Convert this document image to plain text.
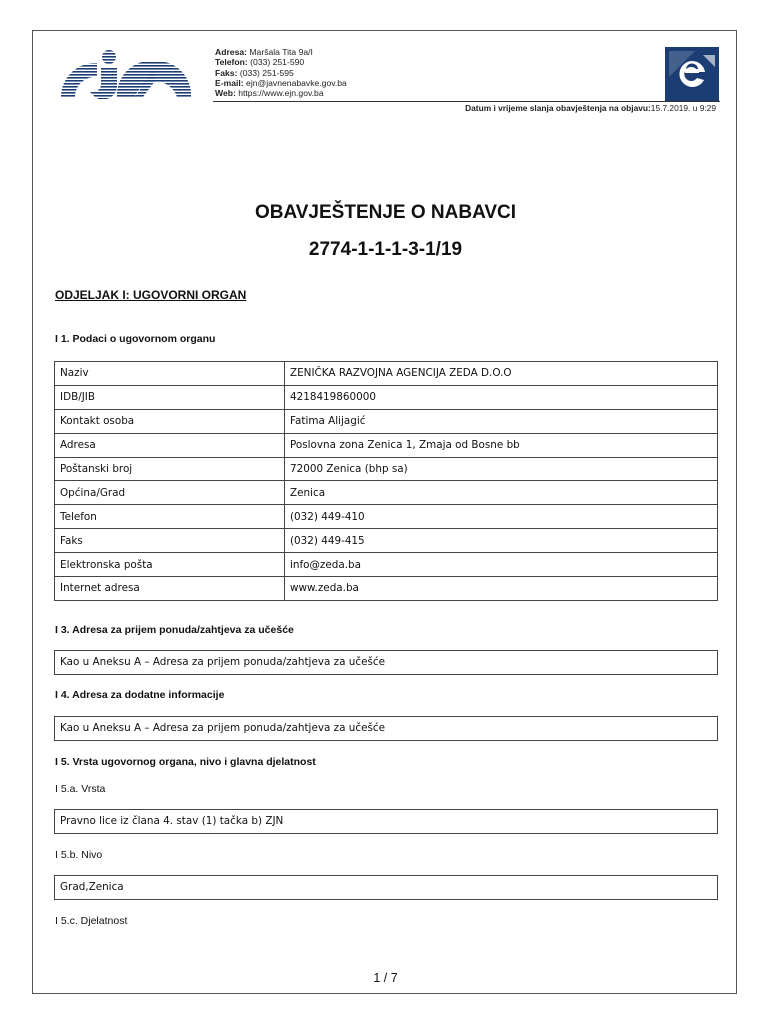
Adresa: Maršala Tita 9a/I
Telefon: (033) 251-590
Faks: (033) 251-595
E-mail: ejn@javnenabavke.gov.ba
Web: https://www.ejn.gov.ba
Datum i vrijeme slanja obavještenja na objavu:15.7.2019. u 9:29
OBAVJEŠTENJE O NABAVCI
2774-1-1-1-3-1/19
ODJELJAK I: UGOVORNI ORGAN
I 1. Podaci o ugovornom organu
Naziv	ZENIČKA RAZVOJNA AGENCIJA ZEDA D.O.O
IDB/JIB	4218419860000
Kontakt osoba	Fatima Alijagić
Adresa	Poslovna zona Zenica 1, Zmaja od Bosne bb
Poštanski broj	72000 Zenica (bhp sa)
Općina/Grad	Zenica
Telefon	(032) 449-410
Faks	(032) 449-415
Elektronska pošta	info@zeda.ba
Internet adresa	www.zeda.ba
I 3. Adresa za prijem ponuda/zahtjeva za učešće
Kao u Aneksu A – Adresa za prijem ponuda/zahtjeva za učešće
I 4. Adresa za dodatne informacije
Kao u Aneksu A – Adresa za prijem ponuda/zahtjeva za učešće
I 5. Vrsta ugovornog organa, nivo i glavna djelatnost
I 5.a. Vrsta
Pravno lice iz člana 4. stav (1) tačka b) ZJN
I 5.b. Nivo
Grad,Zenica
I 5.c. Djelatnost
1 / 7
